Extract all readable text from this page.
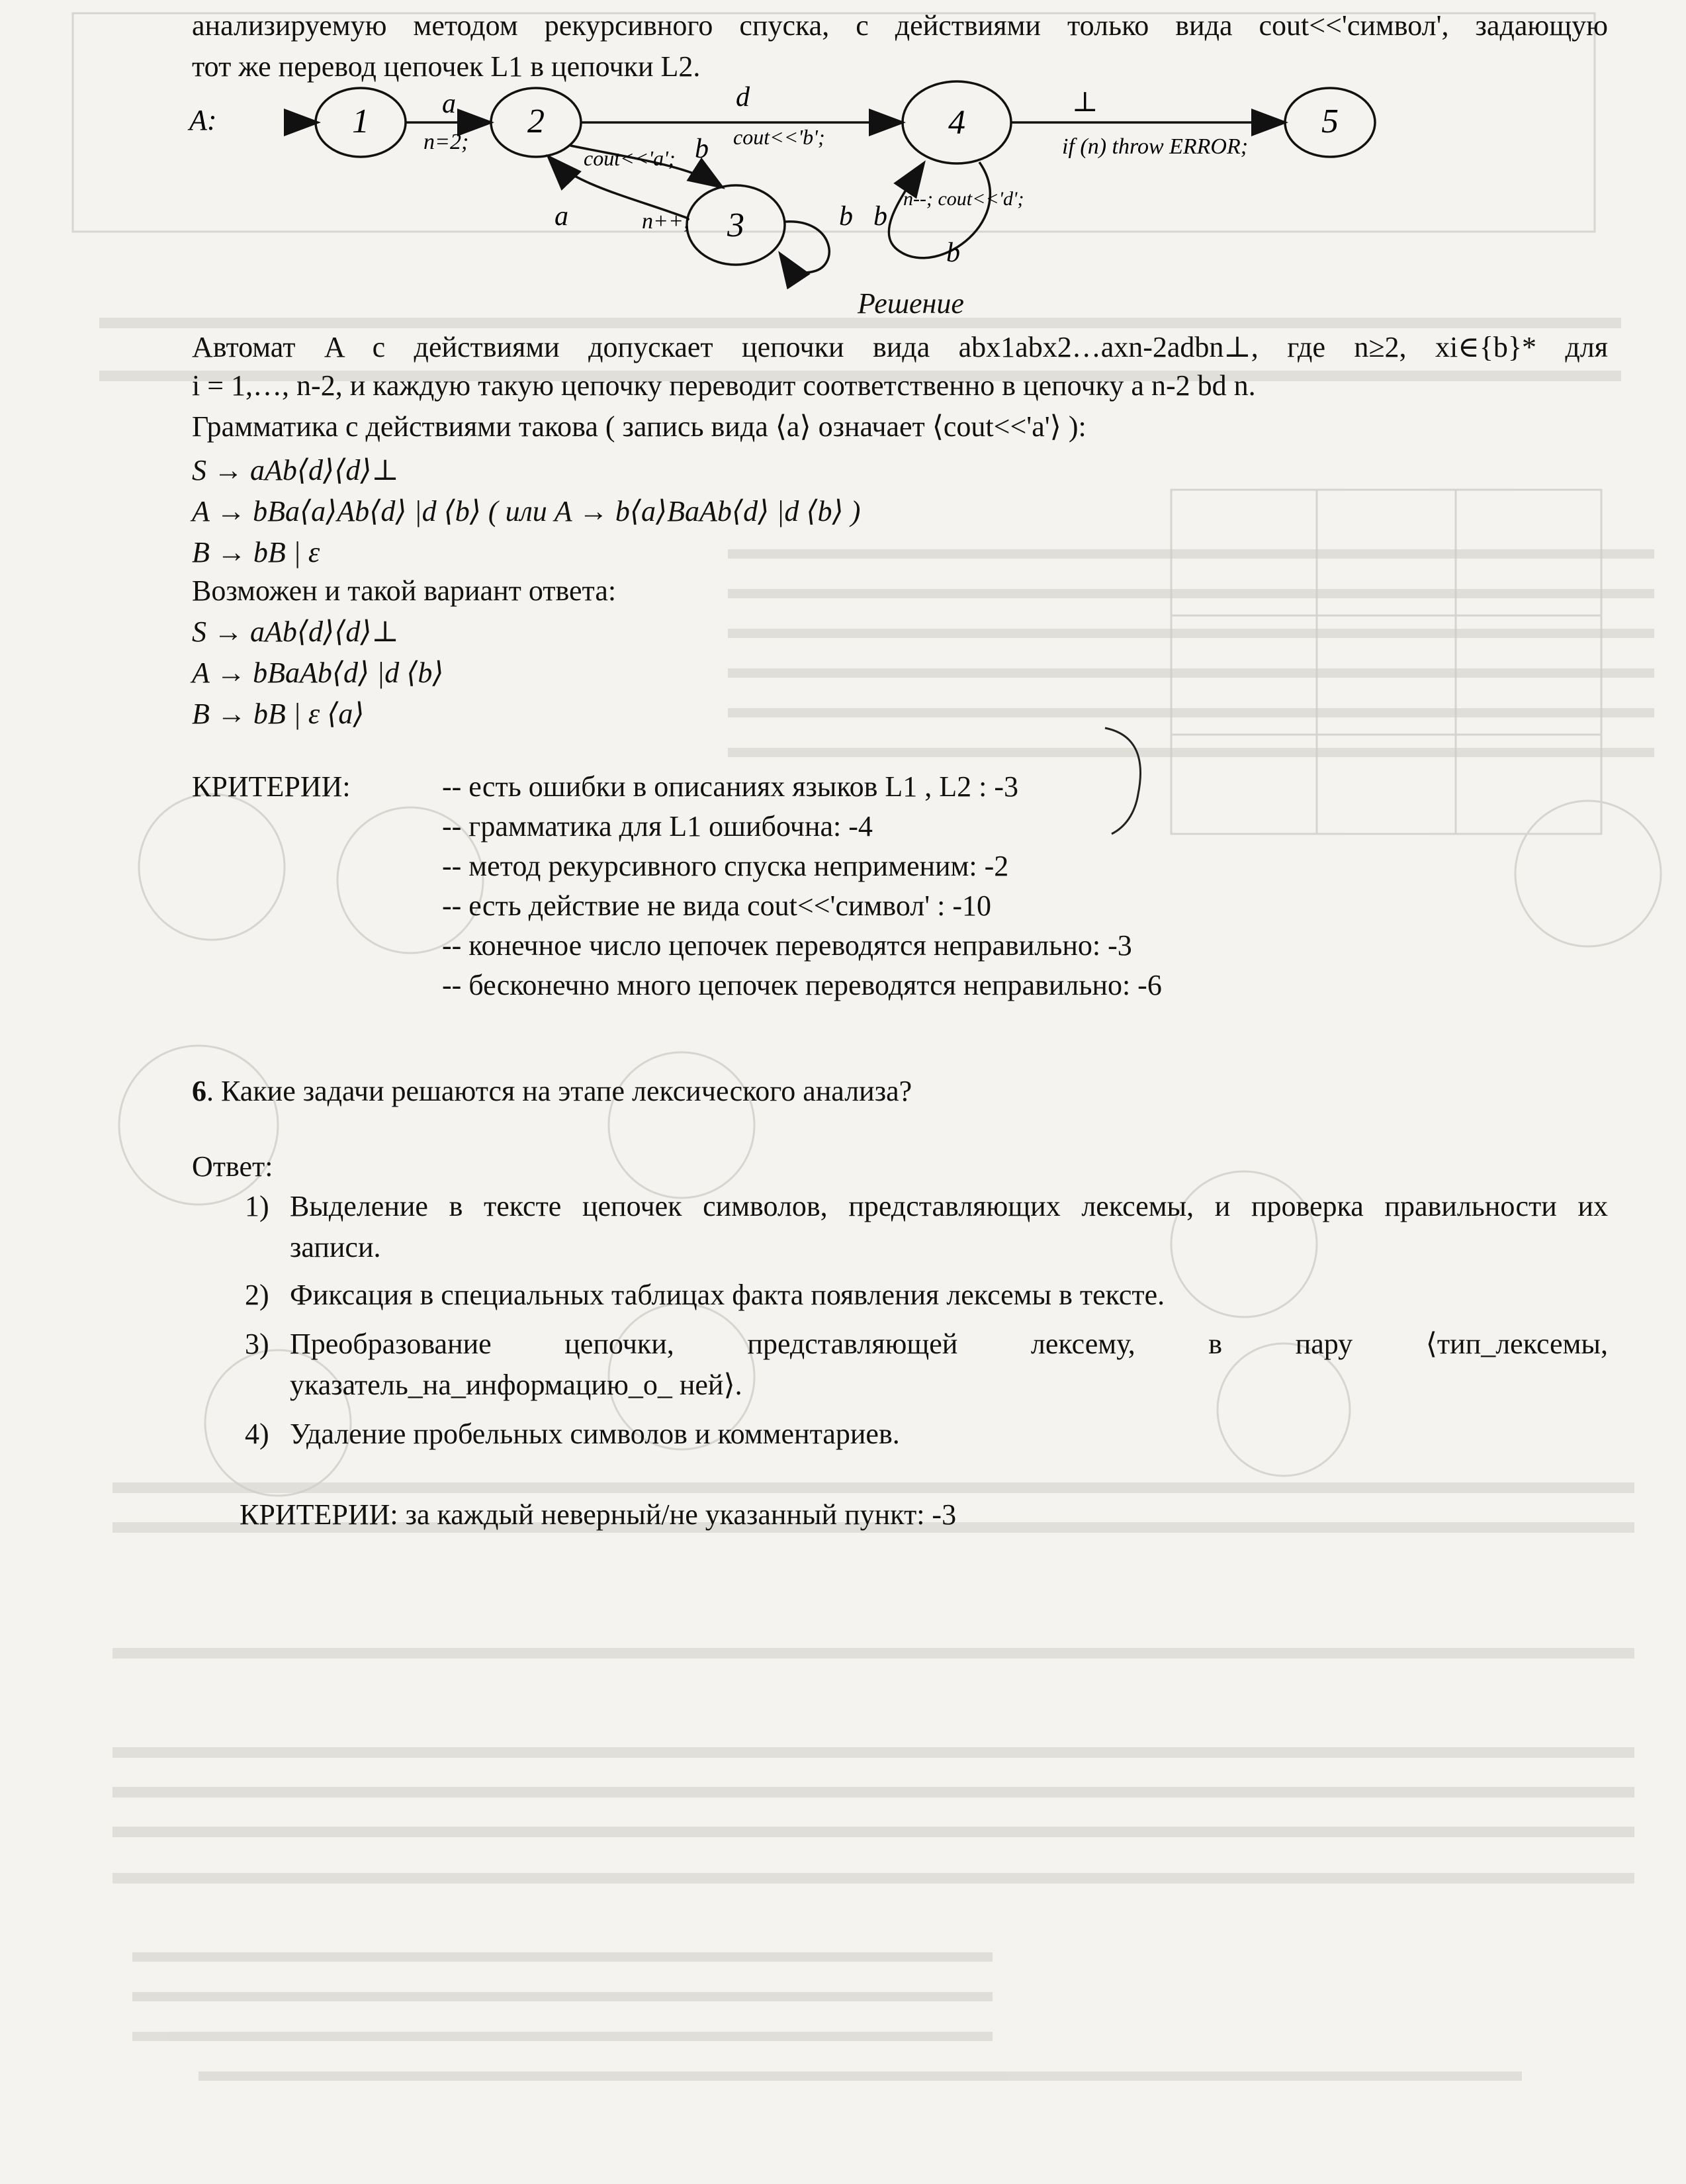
анализируемую методом рекурсивного спуска, с действиями только вида cout<<'символ', задающую
тот же перевод цепочек L1 в цепочки L2.
A:	1	2
3
4	5
a
n=2;
d
cout<<'b';
b
cout<<'a';
a	n++;	b b
n--; cout<<'d';
b
⊥
if (n) throw ERROR;
Решение
Автомат A с действиями допускает цепочки вида abx1abx2…axn-2adbn⊥, где n≥2, xi∈{b}* для
i = 1,…, n-2, и каждую такую цепочку переводит соответственно в цепочку a n-2 bd n.
Грамматика с действиями такова ( запись вида ⟨a⟩ означает ⟨cout<<'a'⟩ ):
S → aAb⟨d⟩⟨d⟩⊥
A → bBa⟨a⟩Ab⟨d⟩ |d ⟨b⟩ ( или A → b⟨a⟩BaAb⟨d⟩ |d ⟨b⟩ )
B → bB | ε
Возможен и такой вариант ответа:
S → aAb⟨d⟩⟨d⟩⊥
A → bBaAb⟨d⟩ |d ⟨b⟩
B → bB | ε ⟨a⟩
КРИТЕРИИ:	-- есть ошибки в описаниях языков L1 , L2 : -3
-- грамматика для L1 ошибочна: -4
-- метод рекурсивного спуска неприменим: -2
-- есть действие не вида cout<<'символ' : -10
-- конечное число цепочек переводятся неправильно: -3
-- бесконечно много цепочек переводятся неправильно: -6
6. Какие задачи решаются на этапе лексического анализа?
Ответ:
1) Выделение в тексте цепочек символов, представляющих лексемы, и проверка правильности их
записи.
2) Фиксация в специальных таблицах факта появления лексемы в тексте.
3) Преобразование цепочки, представляющей лексему, в пару ⟨тип_лексемы,
указатель_на_информацию_о_ ней⟩.
4) Удаление пробельных символов и комментариев.
КРИТЕРИИ: за каждый неверный/не указанный пункт: -3
